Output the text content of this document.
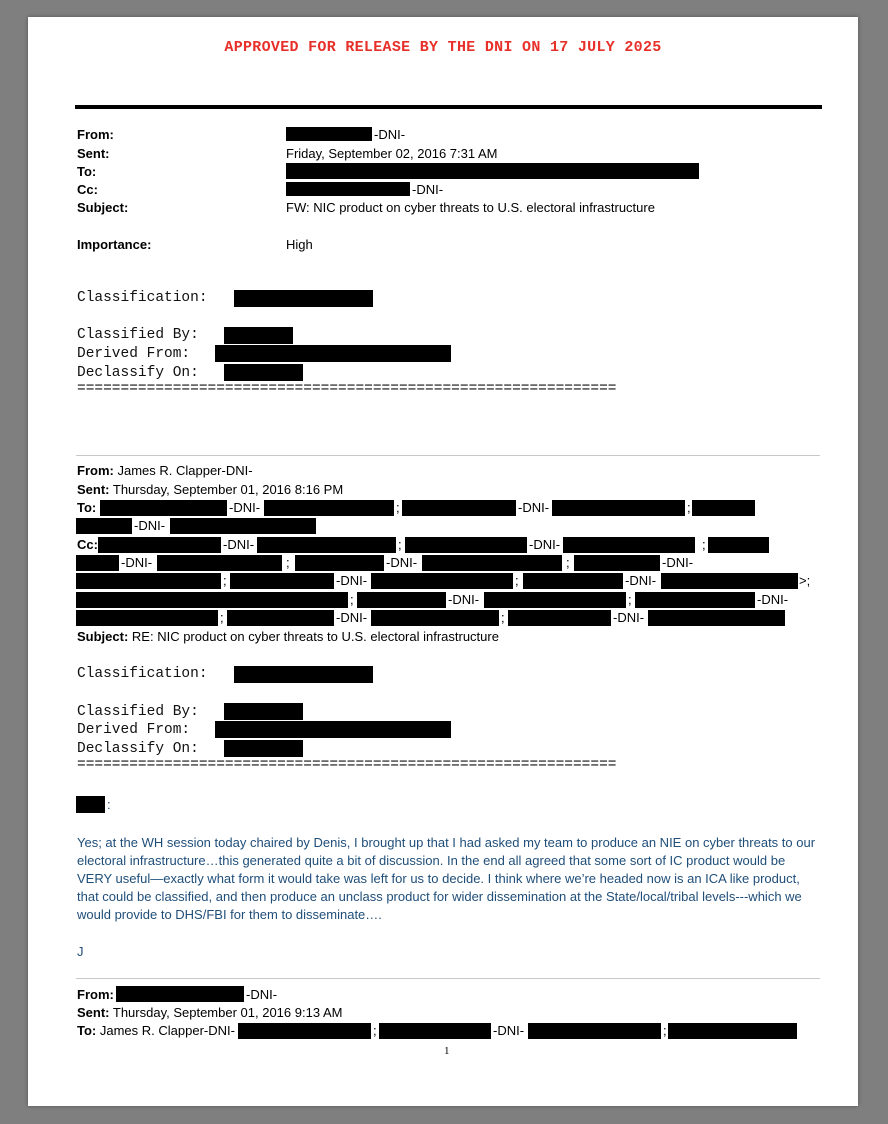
APPROVED FOR RELEASE BY THE DNI ON 17 JULY 2025
From:	-DNI-
Sent:	Friday, September 02, 2016 7:31 AM
To:
Cc:	-DNI-
Subject:	FW: NIC product on cyber threats to U.S. electoral infrastructure
Importance:	High
Classification:
Classified By:
Derived From:
Declassify On:
==============================================================
From: James R. Clapper-DNI-
Sent: Thursday, September 01, 2016 8:16 PM
To:	-DNI-	;	-DNI-	;
-DNI-
Cc:	-DNI-	;	-DNI-	;
-DNI-	;	-DNI-	;	-DNI-
;	-DNI-	;	-DNI-	>;
;	-DNI-	;	-DNI-
;	-DNI-	;	-DNI-
Subject: RE: NIC product on cyber threats to U.S. electoral infrastructure
Classification:
Classified By:
Derived From:
Declassify On:
==============================================================
:
Yes; at the WH session today chaired by Denis, I brought up that I had asked my team to produce an NIE on cyber threats to our electoral infrastructure…this generated quite a bit of discussion. In the end all agreed that some sort of IC product would be VERY useful—exactly what form it would take was left for us to decide. I think where we’re headed now is an ICA like product, that could be classified, and then produce an unclass product for wider dissemination at the State/local/tribal levels---which we would provide to DHS/FBI for them to disseminate….
J
From:	-DNI-
Sent: Thursday, September 01, 2016 9:13 AM
To: James R. Clapper-DNI-	;	-DNI-	;
1
